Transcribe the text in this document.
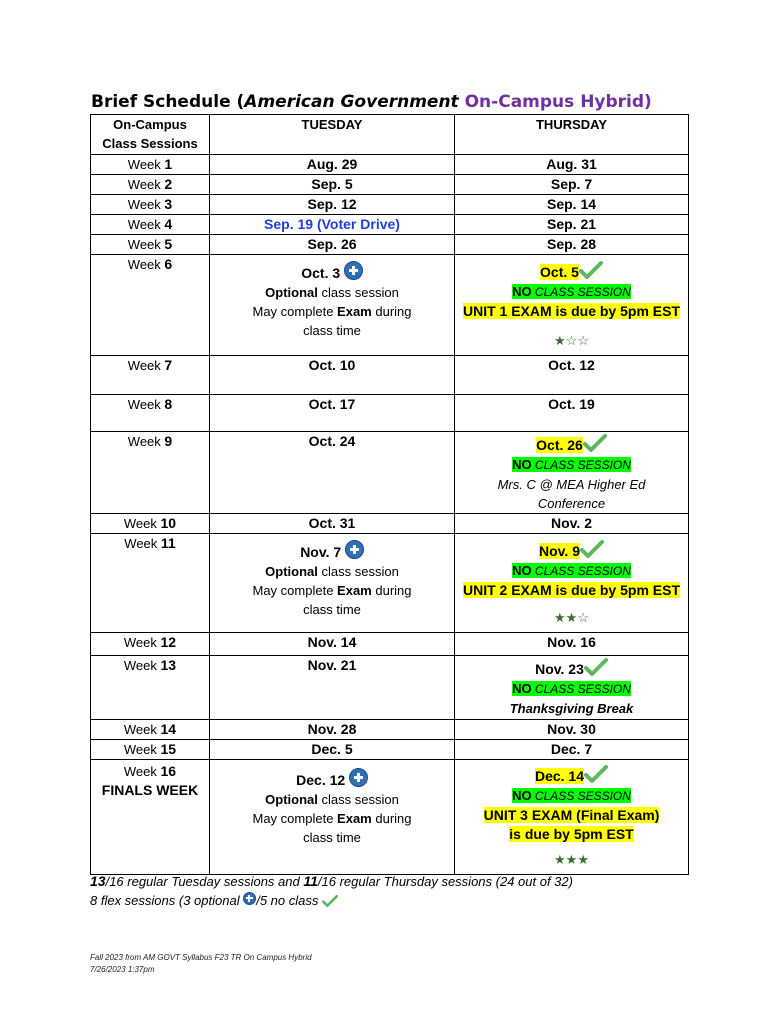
Brief Schedule (American Government On-Campus Hybrid)
On-Campus
Class Sessions	TUESDAY	THURSDAY
Week 1	Aug. 29	Aug. 31
Week 2	Sep. 5	Sep. 7
Week 3	Sep. 12	Sep. 14
Week 4	Sep. 19 (Voter Drive)	Sep. 21
Week 5	Sep. 26	Sep. 28
Week 6	Oct. 3
Optional class session
May complete Exam during
class time	Oct. 5
NO CLASS SESSION
UNIT 1 EXAM is due by 5pm EST

★☆☆
Week 7	Oct. 10	Oct. 12
Week 8	Oct. 17	Oct. 19
Week 9	Oct. 24	Oct. 26
NO CLASS SESSION
Mrs. C @ MEA Higher Ed
Conference
Week 10	Oct. 31	Nov. 2
Week 11	Nov. 7
Optional class session
May complete Exam during
class time	Nov. 9
NO CLASS SESSION
UNIT 2 EXAM is due by 5pm EST

★★☆
Week 12	Nov. 14	Nov. 16
Week 13	Nov. 21	Nov. 23
NO CLASS SESSION
Thanksgiving Break
Week 14	Nov. 28	Nov. 30
Week 15	Dec. 5	Dec. 7
Week 16
FINALS WEEK	Dec. 12
Optional class session
May complete Exam during
class time	Dec. 14
NO CLASS SESSION
UNIT 3 EXAM (Final Exam)
is due by 5pm EST

★★★
13/16 regular Tuesday sessions and 11/16 regular Thursday sessions (24 out of 32)
8 flex sessions (3 optional /5 no class
Fall 2023 from AM GOVT Syllabus F23 TR On Campus Hybrid
7/26/2023 1:37pm
